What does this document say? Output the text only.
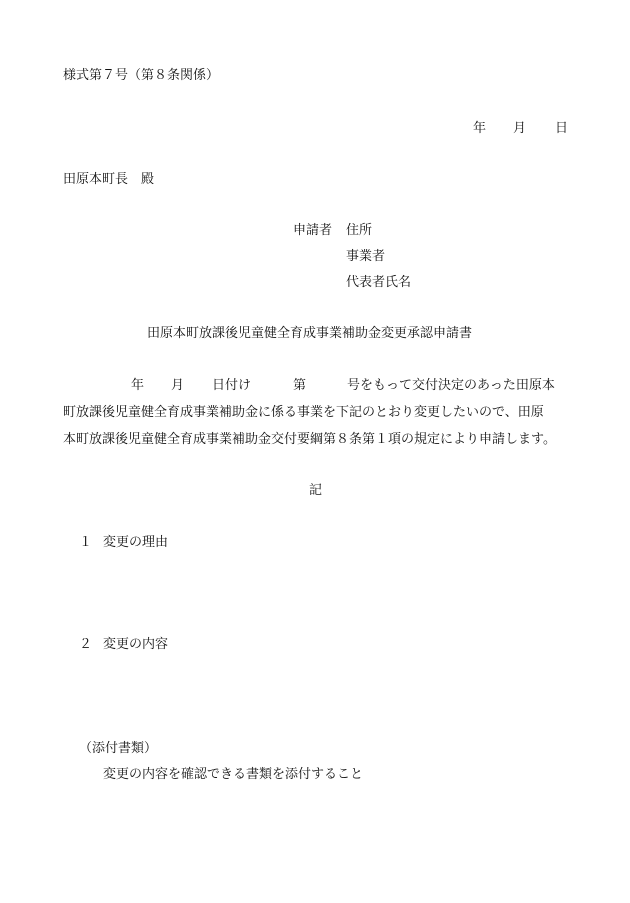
様式第７号（第８条関係）

年 月 日

田原本町長　殿

申請者 住所
事業者
代表者氏名
田原本町放課後児童健全育成事業補助金変更承認申請書
年 月 日付け	第	号をもって交付決定のあった田原本
町放課後児童健全育成事業補助金に係る事業を下記のとおり変更したいので、田原
本町放課後児童健全育成事業補助金交付要綱第８条第１項の規定により申請します。

記

１ 変更の理由
２ 変更の内容
（添付書類）
変更の内容を確認できる書類を添付すること
